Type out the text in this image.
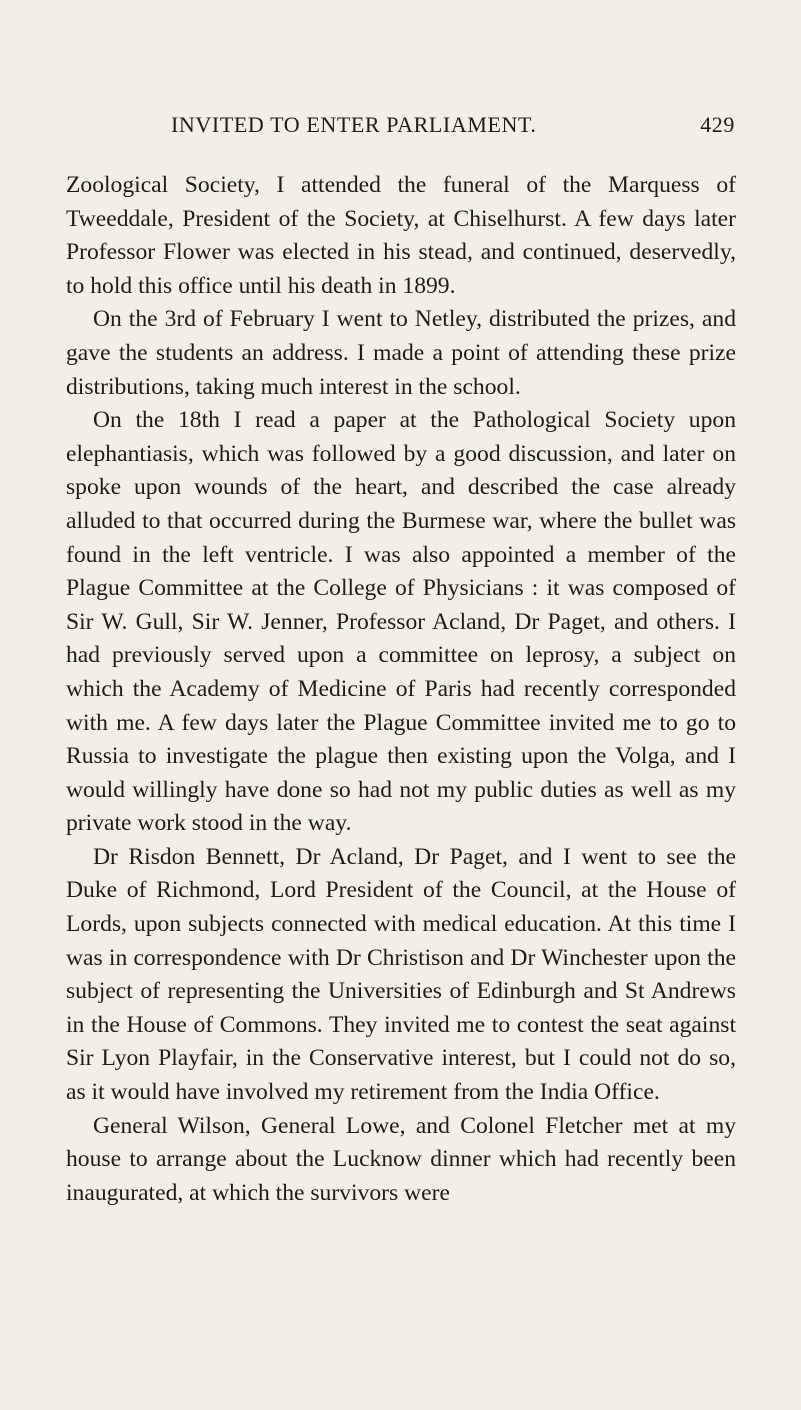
INVITED TO ENTER PARLIAMENT.	429

Zoological Society, I attended the funeral of the Marquess of Tweeddale, President of the Society, at Chiselhurst. A few days later Professor Flower was elected in his stead, and continued, deservedly, to hold this office until his death in 1899.

On the 3rd of February I went to Netley, distributed the prizes, and gave the students an address. I made a point of attending these prize distributions, taking much interest in the school.

On the 18th I read a paper at the Pathological Society upon elephantiasis, which was followed by a good discussion, and later on spoke upon wounds of the heart, and described the case already alluded to that occurred during the Burmese war, where the bullet was found in the left ventricle. I was also appointed a member of the Plague Committee at the College of Physicians : it was composed of Sir W. Gull, Sir W. Jenner, Professor Acland, Dr Paget, and others. I had previously served upon a committee on leprosy, a subject on which the Academy of Medicine of Paris had recently corresponded with me. A few days later the Plague Committee invited me to go to Russia to investigate the plague then existing upon the Volga, and I would willingly have done so had not my public duties as well as my private work stood in the way.

Dr Risdon Bennett, Dr Acland, Dr Paget, and I went to see the Duke of Richmond, Lord President of the Council, at the House of Lords, upon subjects connected with medical education. At this time I was in correspondence with Dr Christison and Dr Winchester upon the subject of representing the Universities of Edinburgh and St Andrews in the House of Commons. They invited me to contest the seat against Sir Lyon Playfair, in the Conservative interest, but I could not do so, as it would have involved my retirement from the India Office.

General Wilson, General Lowe, and Colonel Fletcher met at my house to arrange about the Lucknow dinner which had recently been inaugurated, at which the survivors were
